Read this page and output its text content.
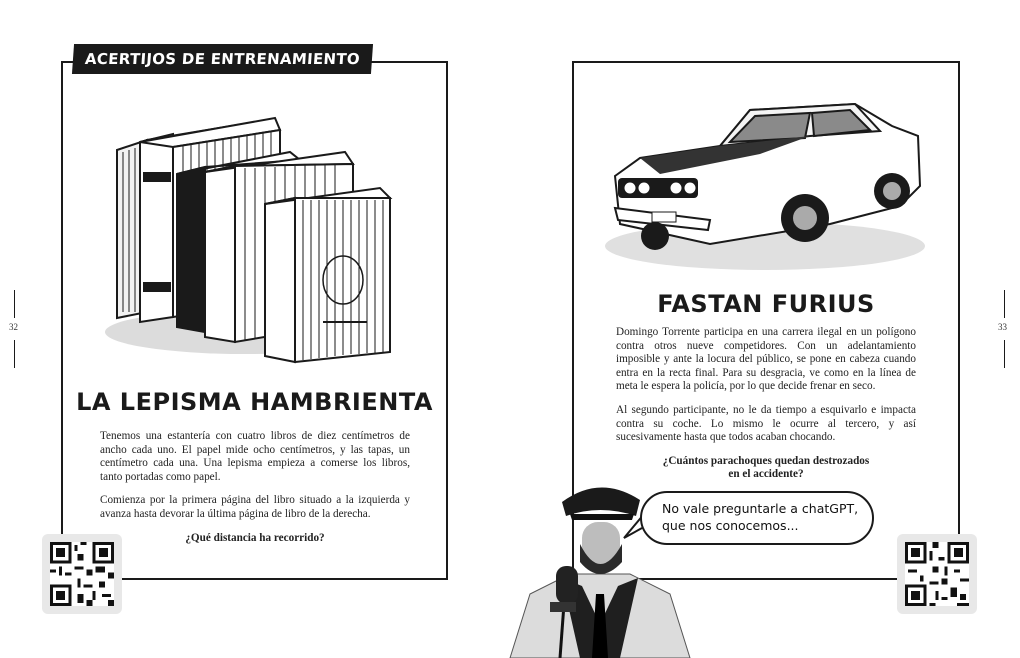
32	33
ACERTIJOS DE ENTRENAMIENTO
LA LEPISMA HAMBRIENTA

Tenemos una estantería con cuatro libros de diez centímetros de ancho cada uno. El papel mide ocho centímetros, y las tapas, un centímetro cada una. Una lepisma empieza a comerse los libros, tanto portadas como papel.

Comienza por la primera página del libro situado a la izquierda y avanza hasta devorar la última página de libro de la derecha.

¿Qué distancia ha recorrido?

FASTAN FURIUS

Domingo Torrente participa en una carrera ilegal en un polígono contra otros nueve competidores. Con un adelantamiento imposible y ante la locura del público, se pone en cabeza cuando entra en la recta final. Para su desgracia, ve como en la línea de meta le espera la policía, por lo que decide frenar en seco.

Al segundo participante, no le da tiempo a esquivarlo e impacta contra su coche. Lo mismo le ocurre al tercero, y así sucesivamente hasta que todos acaban chocando.

¿Cuántos parachoques quedan destrozados
en el accidente?

No vale preguntarle a chatGPT,
que nos conocemos...
